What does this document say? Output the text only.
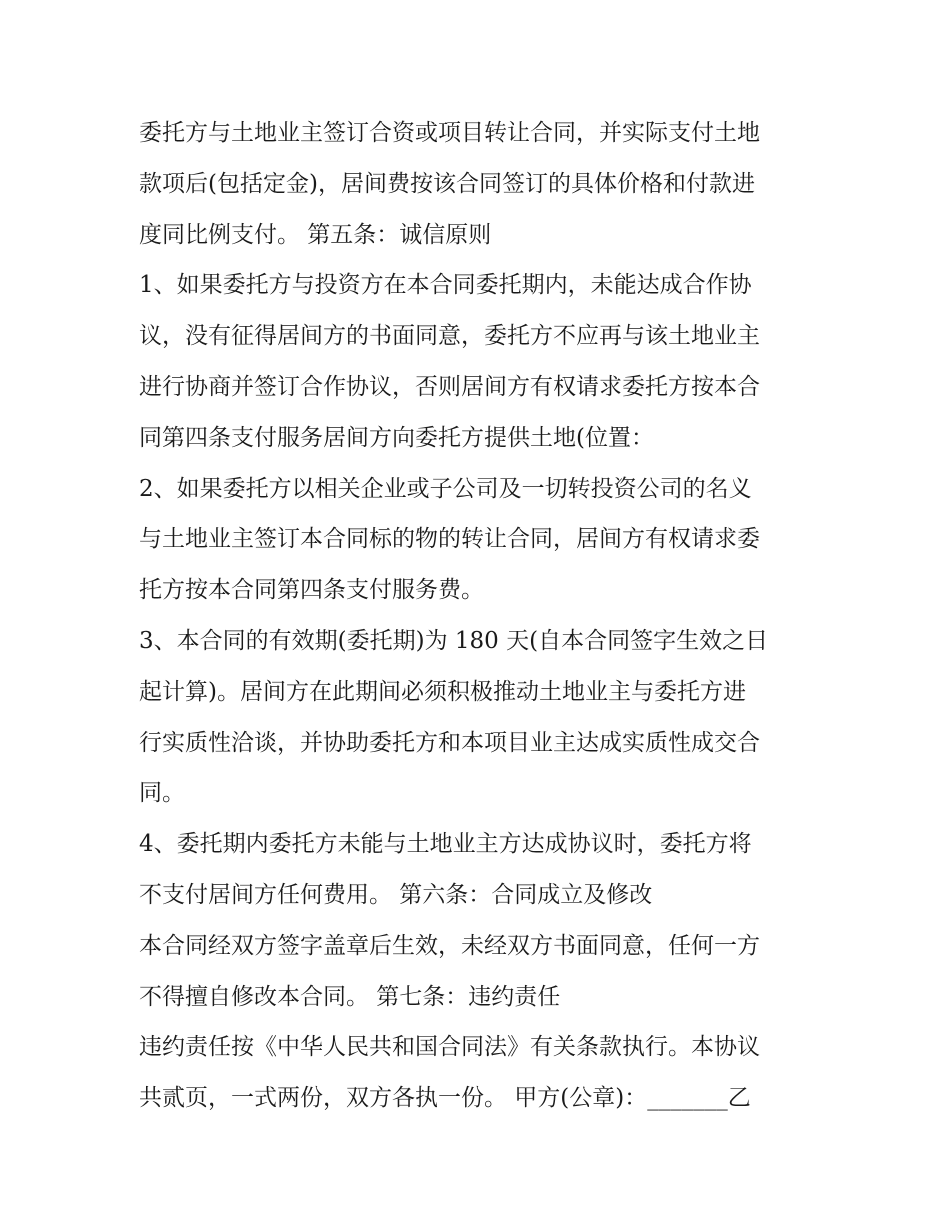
委托方与土地业主签订合资或项目转让合同，并实际支付土地
款项后(包括定金)，居间费按该合同签订的具体价格和付款进
度同比例支付。 第五条：诚信原则
1、如果委托方与投资方在本合同委托期内，未能达成合作协
议，没有征得居间方的书面同意，委托方不应再与该土地业主
进行协商并签订合作协议，否则居间方有权请求委托方按本合
同第四条支付服务居间方向委托方提供土地(位置：
2、如果委托方以相关企业或子公司及一切转投资公司的名义
与土地业主签订本合同标的物的转让合同，居间方有权请求委
托方按本合同第四条支付服务费。
3、本合同的有效期(委托期)为 180 天(自本合同签字生效之日
起计算)。居间方在此期间必须积极推动土地业主与委托方进
行实质性洽谈，并协助委托方和本项目业主达成实质性成交合
同。
4、委托期内委托方未能与土地业主方达成协议时，委托方将
不支付居间方任何费用。 第六条：合同成立及修改
本合同经双方签字盖章后生效，未经双方书面同意，任何一方
不得擅自修改本合同。 第七条：违约责任
违约责任按《中华人民共和国合同法》有关条款执行。本协议
共贰页，一式两份，双方各执一份。 甲方(公章)：_______乙
